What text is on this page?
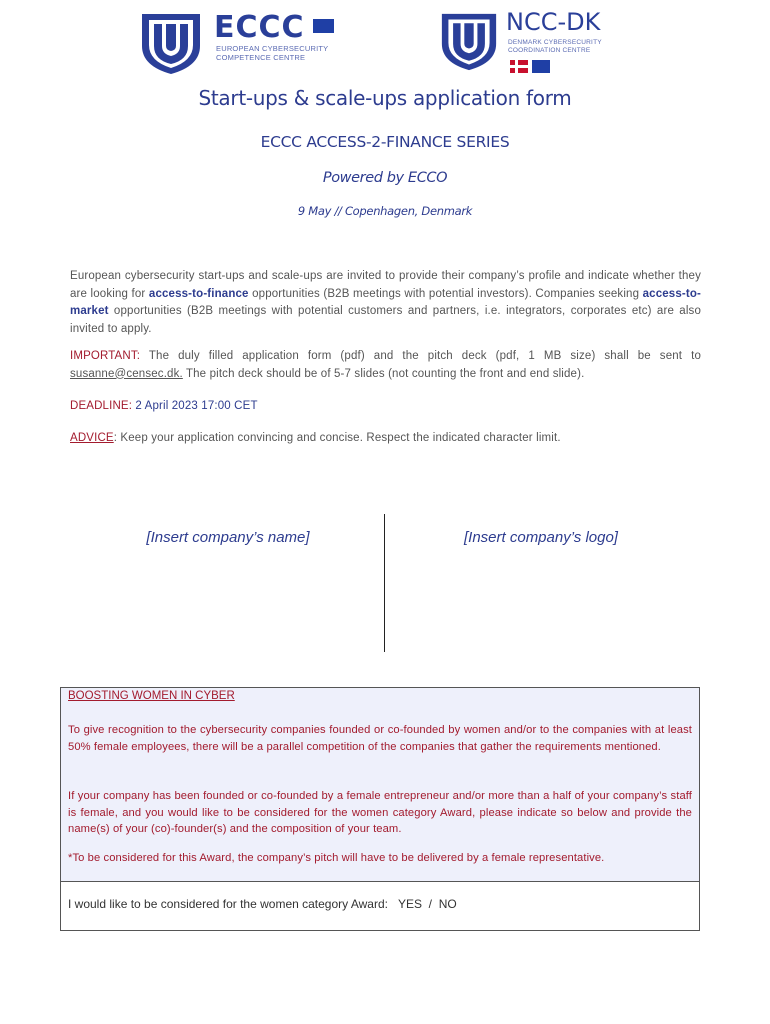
ECCC
EUROPEAN CYBERSECURITY
COMPETENCE CENTRE
NCC-DK
DENMARK CYBERSECURITY
COORDINATION CENTRE
Start-ups & scale-ups application form
ECCC ACCESS-2-FINANCE SERIES
Powered by ECCO
9 May // Copenhagen, Denmark
European cybersecurity start-ups and scale-ups are invited to provide their company’s profile and indicate whether they are looking for access-to-finance opportunities (B2B meetings with potential investors). Companies seeking access-to-market opportunities (B2B meetings with potential customers and partners, i.e. integrators, corporates etc) are also invited to apply.
IMPORTANT: The duly filled application form (pdf) and the pitch deck (pdf, 1 MB size) shall be sent to susanne@censec.dk. The pitch deck should be of 5-7 slides (not counting the front and end slide).
DEADLINE: 2 April 2023 17:00 CET
ADVICE: Keep your application convincing and concise. Respect the indicated character limit.
[Insert company’s name]	[Insert company’s logo]
BOOSTING WOMEN IN CYBER
To give recognition to the cybersecurity companies founded or co-founded by women and/or to the companies with at least 50% female employees, there will be a parallel competition of the companies that gather the requirements mentioned.
If your company has been founded or co-founded by a female entrepreneur and/or more than a half of your company’s staff is female, and you would like to be considered for the women category Award, please indicate so below and provide the name(s) of your (co)-founder(s) and the composition of your team.
*To be considered for this Award, the company’s pitch will have to be delivered by a female representative.
I would like to be considered for the women category Award: YES / NO
